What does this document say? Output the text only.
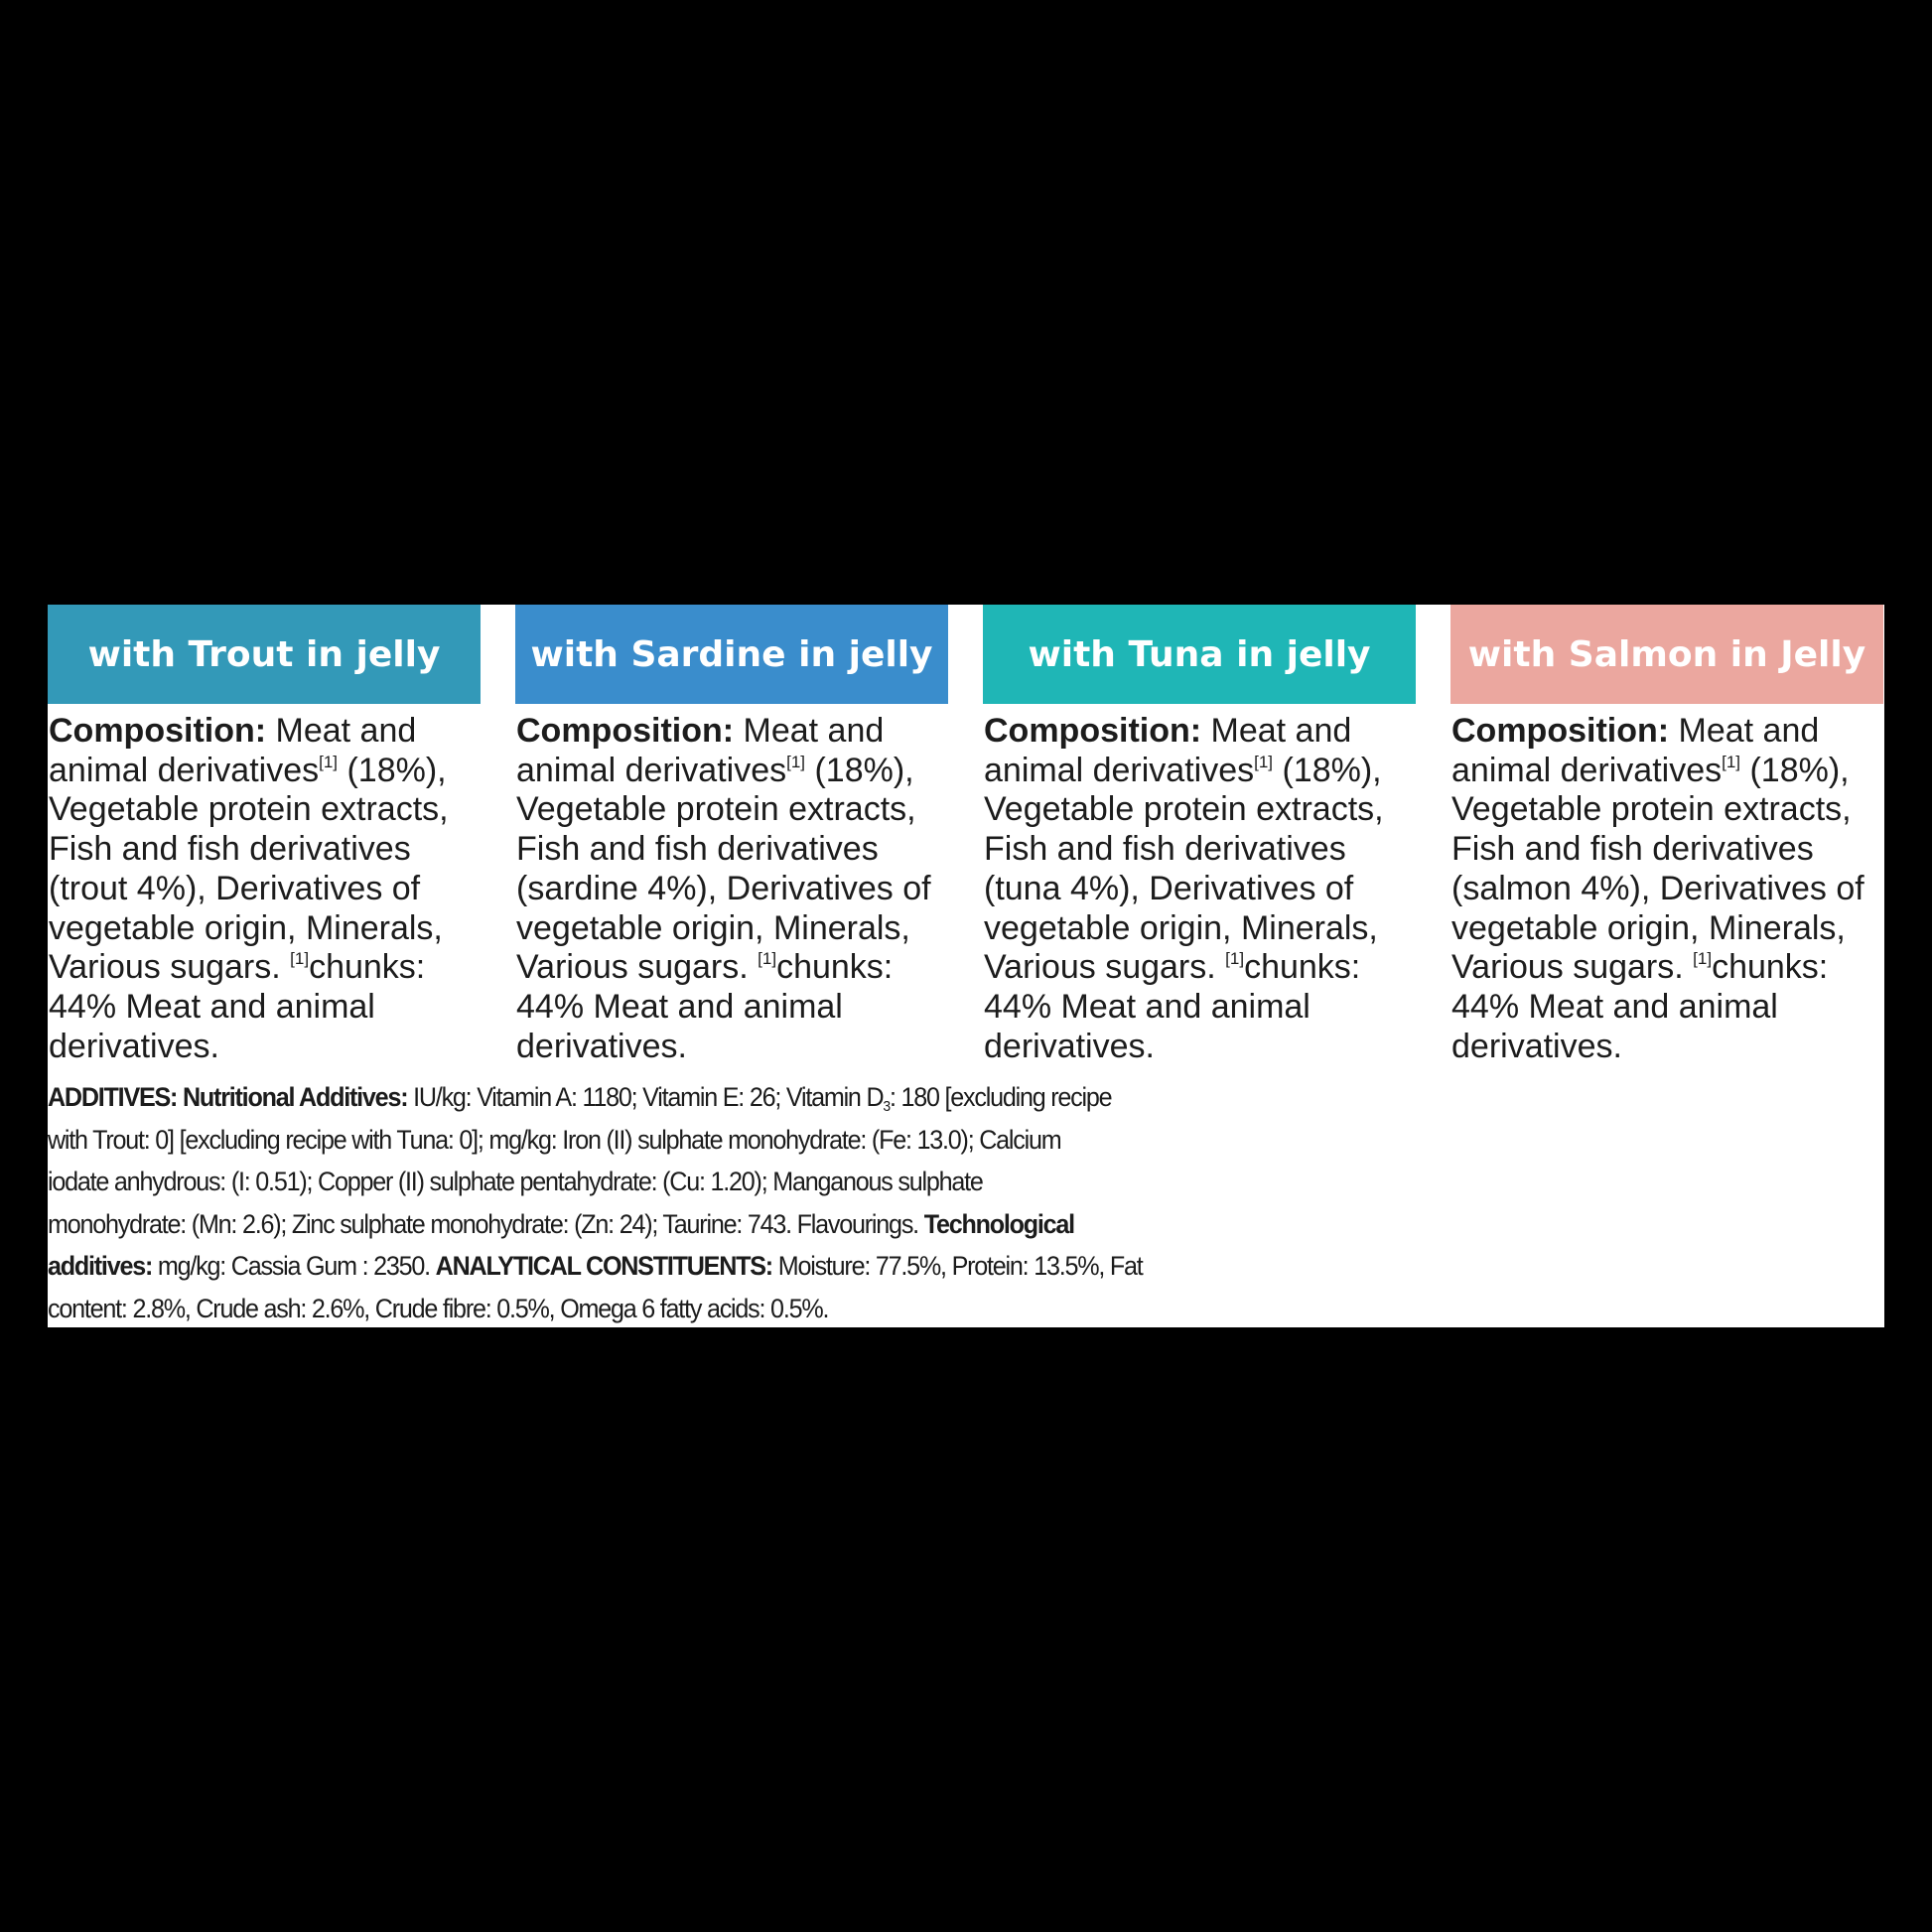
with Trout in jelly
Composition: Meat and
animal derivatives[1] (18%),
Vegetable protein extracts,
Fish and fish derivatives
(trout 4%), Derivatives of
vegetable origin, Minerals,
Various sugars. [1]chunks:
44% Meat and animal
derivatives.
with Sardine in jelly
Composition: Meat and
animal derivatives[1] (18%),
Vegetable protein extracts,
Fish and fish derivatives
(sardine 4%), Derivatives of
vegetable origin, Minerals,
Various sugars. [1]chunks:
44% Meat and animal
derivatives.
with Tuna in jelly
Composition: Meat and
animal derivatives[1] (18%),
Vegetable protein extracts,
Fish and fish derivatives
(tuna 4%), Derivatives of
vegetable origin, Minerals,
Various sugars. [1]chunks:
44% Meat and animal
derivatives.
with Salmon in Jelly
Composition: Meat and
animal derivatives[1] (18%),
Vegetable protein extracts,
Fish and fish derivatives
(salmon 4%), Derivatives of
vegetable origin, Minerals,
Various sugars. [1]chunks:
44% Meat and animal
derivatives.
ADDITIVES: Nutritional Additives: IU/kg: Vitamin A: 1180; Vitamin E: 26; Vitamin $D_3$: 180 [excluding recipe
with Trout: 0] [excluding recipe with Tuna: 0]; mg/kg: Iron (II) sulphate monohydrate: (Fe: 13.0); Calcium
iodate anhydrous: (I: 0.51); Copper (II) sulphate pentahydrate: (Cu: 1.20); Manganous sulphate
monohydrate: (Mn: 2.6); Zinc sulphate monohydrate: (Zn: 24); Taurine: 743. Flavourings. Technological
additives: mg/kg: Cassia Gum : 2350. ANALYTICAL CONSTITUENTS: Moisture: 77.5%, Protein: 13.5%, Fat
content: 2.8%, Crude ash: 2.6%, Crude fibre: 0.5%, Omega 6 fatty acids: 0.5%.
